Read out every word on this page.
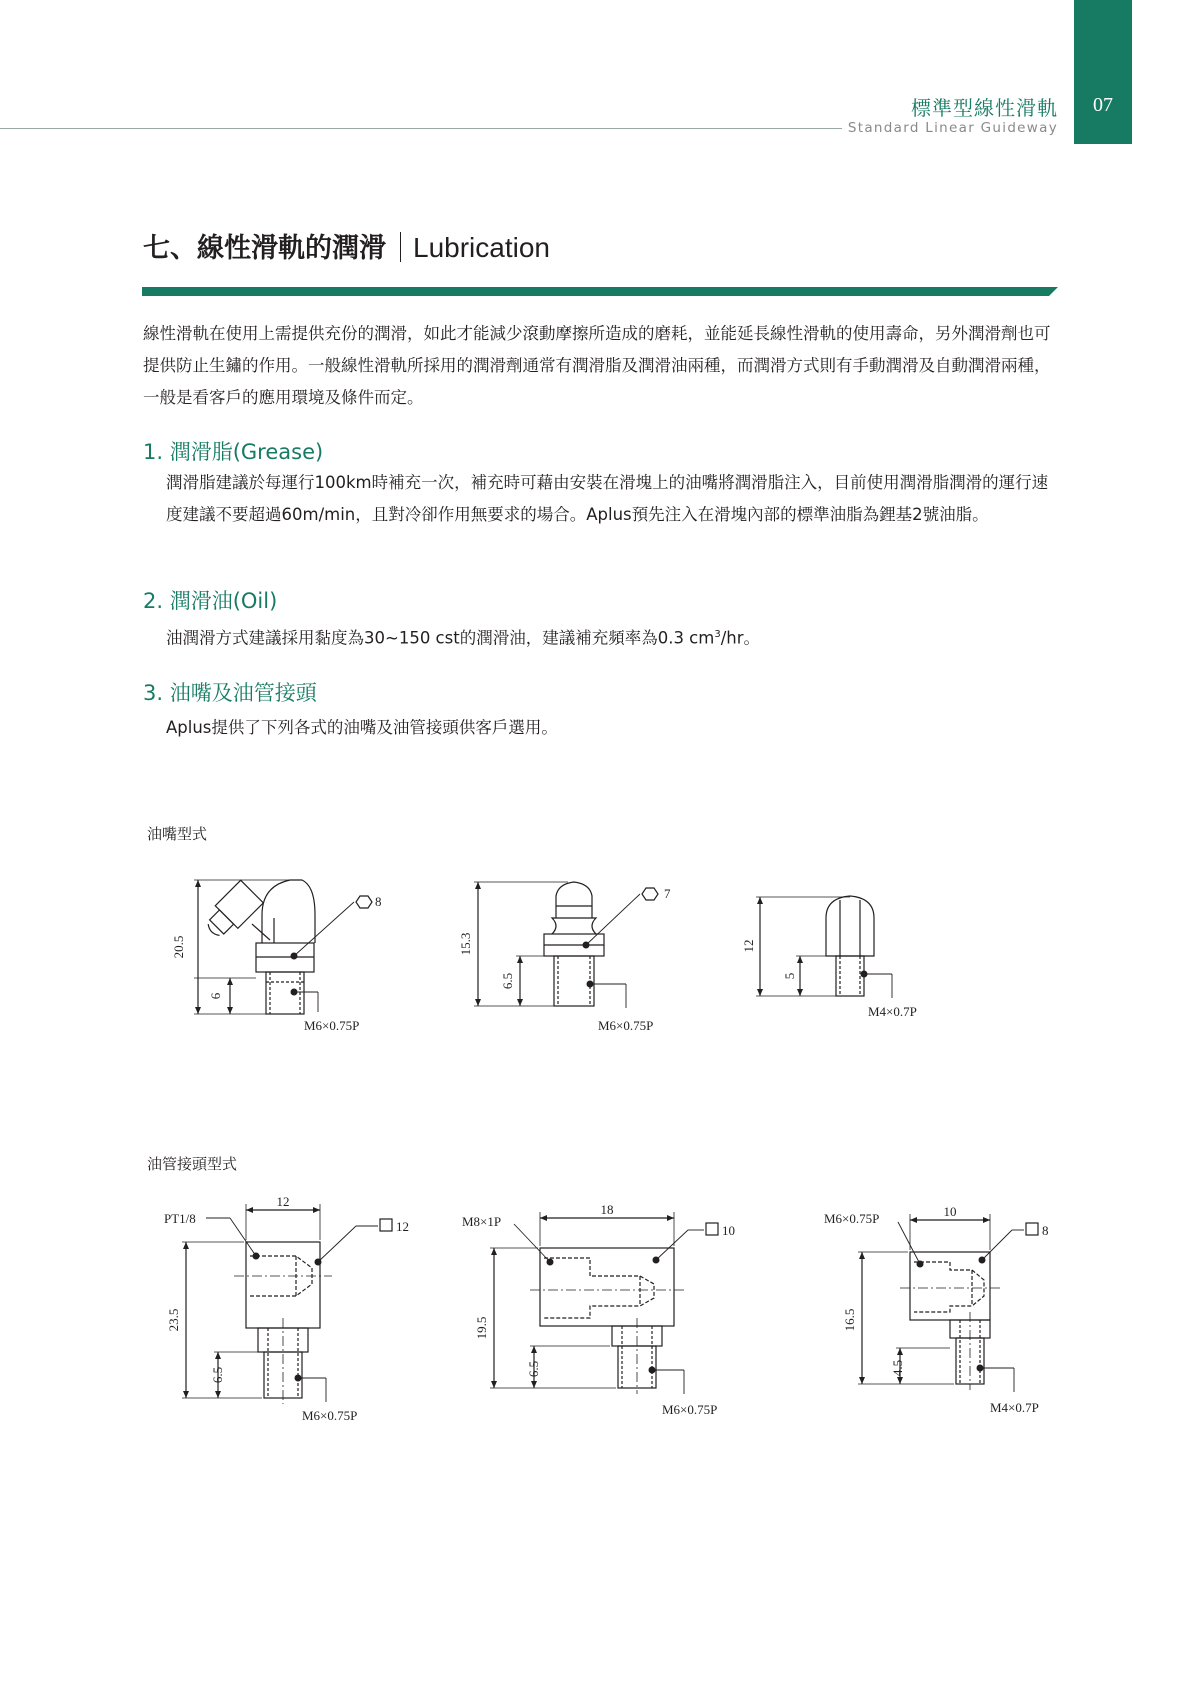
07
標準型線性滑軌
Standard Linear Guideway
七、線性滑軌的潤滑 Lubrication
線性滑軌在使用上需提供充份的潤滑，如此才能減少滾動摩擦所造成的磨耗，並能延長線性滑軌的使用壽命，另外潤滑劑也可提供防止生鏽的作用。一般線性滑軌所採用的潤滑劑通常有潤滑脂及潤滑油兩種，而潤滑方式則有手動潤滑及自動潤滑兩種，一般是看客戶的應用環境及條件而定。
1. 潤滑脂(Grease)
潤滑脂建議於每運行100km時補充一次，補充時可藉由安裝在滑塊上的油嘴將潤滑脂注入，目前使用潤滑脂潤滑的運行速度建議不要超過60m/min，且對冷卻作用無要求的場合。Aplus預先注入在滑塊內部的標準油脂為鋰基2號油脂。
2. 潤滑油(Oil)
油潤滑方式建議採用黏度為30~150 cst的潤滑油，建議補充頻率為0.3 $cm^3/hr$。
3. 油嘴及油管接頭
Aplus提供了下列各式的油嘴及油管接頭供客戶選用。
油嘴型式
油管接頭型式
20.5
6
8
M6×0.75P
15.3
6.5
7
M6×0.75P
12
5
M4×0.7P
PT1/8
12
12
23.5
6.5
M6×0.75P
M8×1P
18
10
19.5
6.5
M6×0.75P
M6×0.75P	10
8
16.5
4.5
M4×0.7P
